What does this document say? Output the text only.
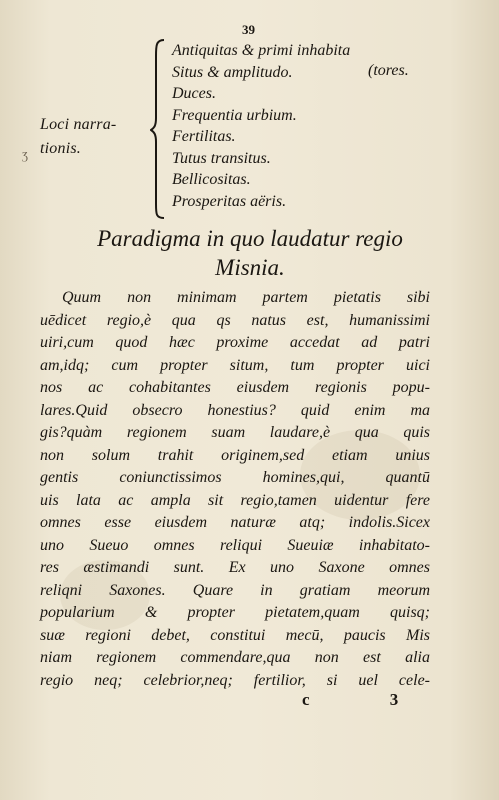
39
Ʒ
Loci narra-
tionis.
Antiquitas & primi inhabita
Situs & amplitudo.
Duces.
Frequentia urbium.
Fertilitas.
Tutus transitus.
Bellicositas.
Prosperitas aëris.
(tores.
Paradigma in quo laudatur regio
Misnia.
Quum non minimam partem pietatis sibi
uēdicet regio,è qua qs natus est, humanissimi
uiri,cum quod hæc proxime accedat ad patri
am,idq; cum propter situm, tum propter uici
nos ac cohabitantes eiusdem regionis popu-
lares.Quid obsecro honestius? quid enim ma
gis?quàm regionem suam laudare,è qua quis
non solum trahit originem,sed etiam unius
gentis coniunctissimos homines,qui, quantū
uis lata ac ampla sit regio,tamen uidentur fere
omnes esse eiusdem naturæ atq; indolis.Sicex
uno Sueuo omnes reliqui Sueuiæ inhabitato-
res æstimandi sunt. Ex uno Saxone omnes
reliqni Saxones. Quare in gratiam meorum
popularium & propter pietatem,quam quisq;
suæ regioni debet, constitui mecū, paucis Mis
niam regionem commendare,qua non est alia
regio neq; celebrior,neq; fertilior, si uel cele-
c 3
